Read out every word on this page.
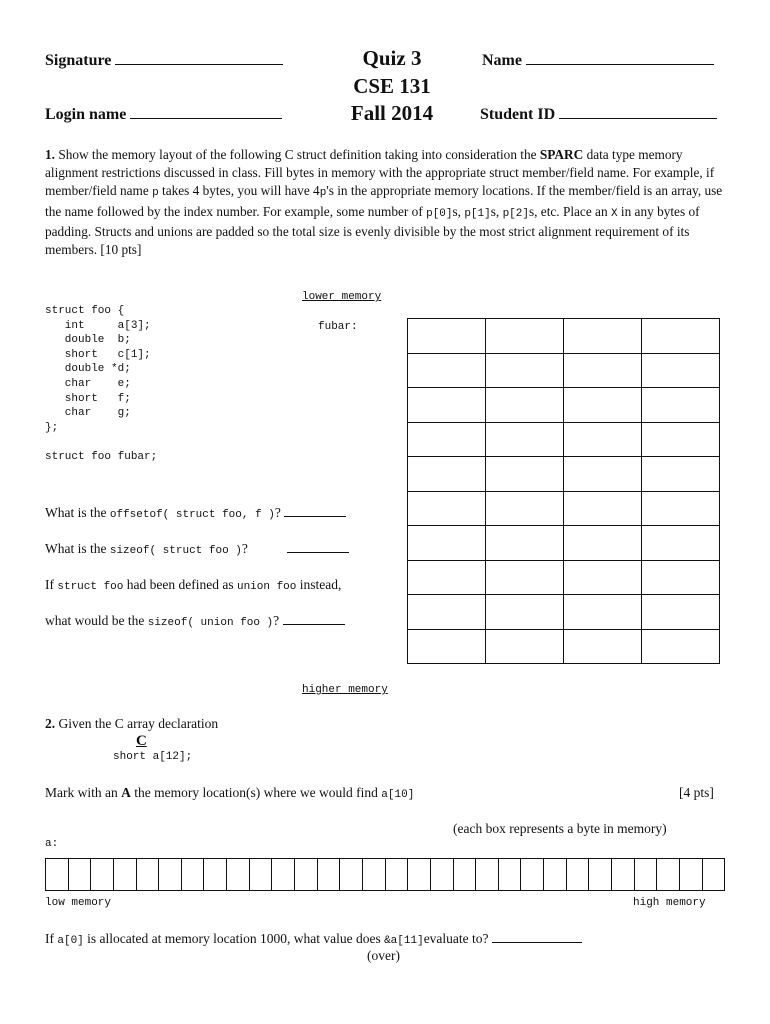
Signature
Login name
Quiz 3
CSE 131
Fall 2014
Name
Student ID
1. Show the memory layout of the following C struct definition taking into consideration the SPARC data type memory alignment restrictions discussed in class. Fill bytes in memory with the appropriate struct member/field name. For example, if member/field name p takes 4 bytes, you will have 4p's in the appropriate memory locations. If the member/field is an array, use the name followed by the index number. For example, some number of p[0]s, p[1]s, p[2]s, etc. Place an X in any bytes of padding. Structs and unions are padded so the total size is evenly divisible by the most strict alignment requirement of its members. [10 pts]
struct foo {
int     a[3];
double  b;
short   c[1];
double *d;
char    e;
short   f;
char    g;
};

struct foo fubar;
lower memory
fubar:

higher memory
What is the offsetof( struct foo, f )?
What is the sizeof( struct foo )?
If struct foo had been defined as union foo instead,
what would be the sizeof( union foo )?
2. Given the C array declaration
C
short a[12];
Mark with an A the memory location(s) where we would find a[10]	[4 pts]
(each box represents a byte in memory)
a:
low memory	high memory
If a[0] is allocated at memory location 1000, what value does &a[11]evaluate to?
(over)
